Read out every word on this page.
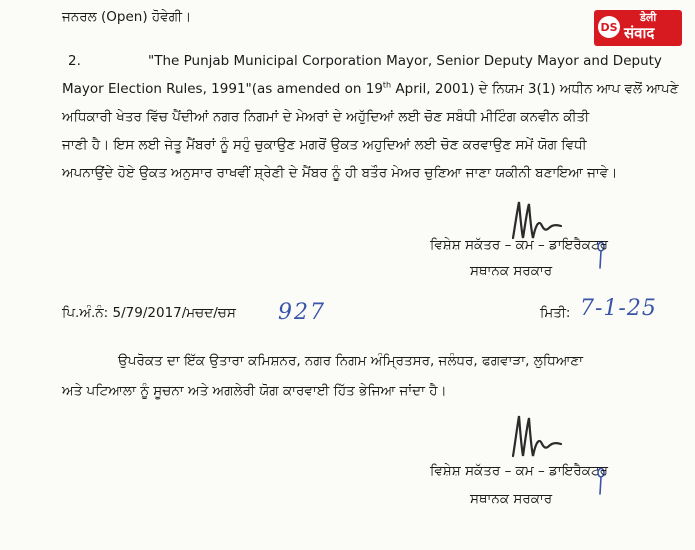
DS
डेली
संवाद
ਜਨਰਲ (Open) ਹੋਵੇਗੀ।
2.	"The Punjab Municipal Corporation Mayor, Senior Deputy Mayor and Deputy
Mayor Election Rules, 1991"(as amended on 19th April, 2001) ਦੇ ਨਿਯਮ 3(1) ਅਧੀਨ ਆਪ ਵਲੋਂ ਆਪਣੇ
ਅਧਿਕਾਰੀ ਖੇਤਰ ਵਿੱਚ ਪੈਂਦੀਆਂ ਨਗਰ ਨਿਗਮਾਂ ਦੇ ਮੇਅਰਾਂ ਦੇ ਅਹੁੱਦਿਆਂ ਲਈ ਚੋਣ ਸਬੰਧੀ ਮੀਟਿੰਗ ਕਨਵੀਨ ਕੀਤੀ
ਜਾਣੀ ਹੈ। ਇਸ ਲਈ ਜੇਤੂ ਮੈਂਬਰਾਂ ਨੂੰ ਸਹੁੰ ਚੁਕਾਉਣ ਮਗਰੋਂ ਉਕਤ ਅਹੁਦਿਆਂ ਲਈ ਚੋਣ ਕਰਵਾਉਣ ਸਮੇਂ ਯੋਗ ਵਿਧੀ
ਅਪਨਾਉਂਦੇ ਹੋਏ ਉਕਤ ਅਨੁਸਾਰ ਰਾਖਵੀਂ ਸ਼੍ਰੇਣੀ ਦੇ ਮੈਂਬਰ ਨੂੰ ਹੀ ਬਤੌਰ ਮੇਅਰ ਚੁਣਿਆ ਜਾਣਾ ਯਕੀਨੀ ਬਣਾਇਆ ਜਾਵੇ।
ਵਿਸ਼ੇਸ਼ ਸਕੱਤਰ – ਕਮ – ਡਾਇਰੈਕਟਰ
ਸਥਾਨਕ ਸਰਕਾਰ
ਪਿ.ਅੰ.ਨੰ: 5/79/2017/ਮਚਦ/ਚਸ 927	ਮਿਤੀ: 7-1-25
ਉਪਰੋਕਤ ਦਾ ਇੱਕ ਉਤਾਰਾ ਕਮਿਸ਼ਨਰ, ਨਗਰ ਨਿਗਮ ਅੰਮ੍ਰਿਤਸਰ, ਜਲੰਧਰ, ਫਗਵਾੜਾ, ਲੁਧਿਆਣਾ
ਅਤੇ ਪਟਿਆਲਾ ਨੂੰ ਸੂਚਨਾ ਅਤੇ ਅਗਲੇਰੀ ਯੋਗ ਕਾਰਵਾਈ ਹਿੱਤ ਭੇਜਿਆ ਜਾਂਦਾ ਹੈ।
ਵਿਸ਼ੇਸ਼ ਸਕੱਤਰ – ਕਮ – ਡਾਇਰੈਕਟਰ
ਸਥਾਨਕ ਸਰਕਾਰ
